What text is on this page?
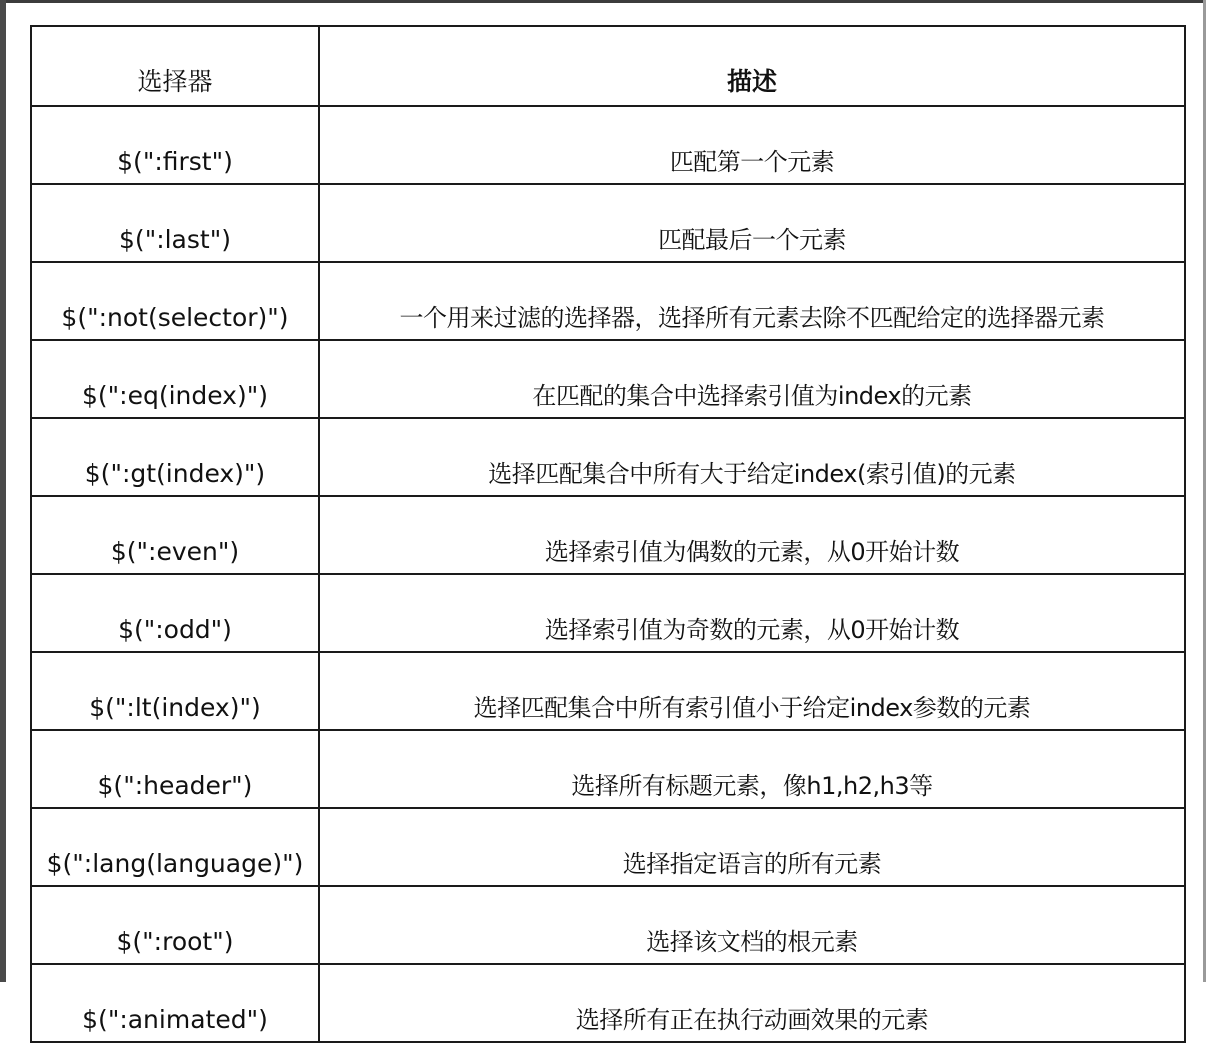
选择器	描述
$(":first")	匹配第一个元素
$(":last")	匹配最后一个元素
$(":not(selector)")	一个用来过滤的选择器，选择所有元素去除不匹配给定的选择器元素
$(":eq(index)")	在匹配的集合中选择索引值为index的元素
$(":gt(index)")	选择匹配集合中所有大于给定index(索引值)的元素
$(":even")	选择索引值为偶数的元素，从0开始计数
$(":odd")	选择索引值为奇数的元素，从0开始计数
$(":lt(index)")	选择匹配集合中所有索引值小于给定index参数的元素
$(":header")	选择所有标题元素，像h1,h2,h3等
$(":lang(language)")	选择指定语言的所有元素
$(":root")	选择该文档的根元素
$(":animated")	选择所有正在执行动画效果的元素
